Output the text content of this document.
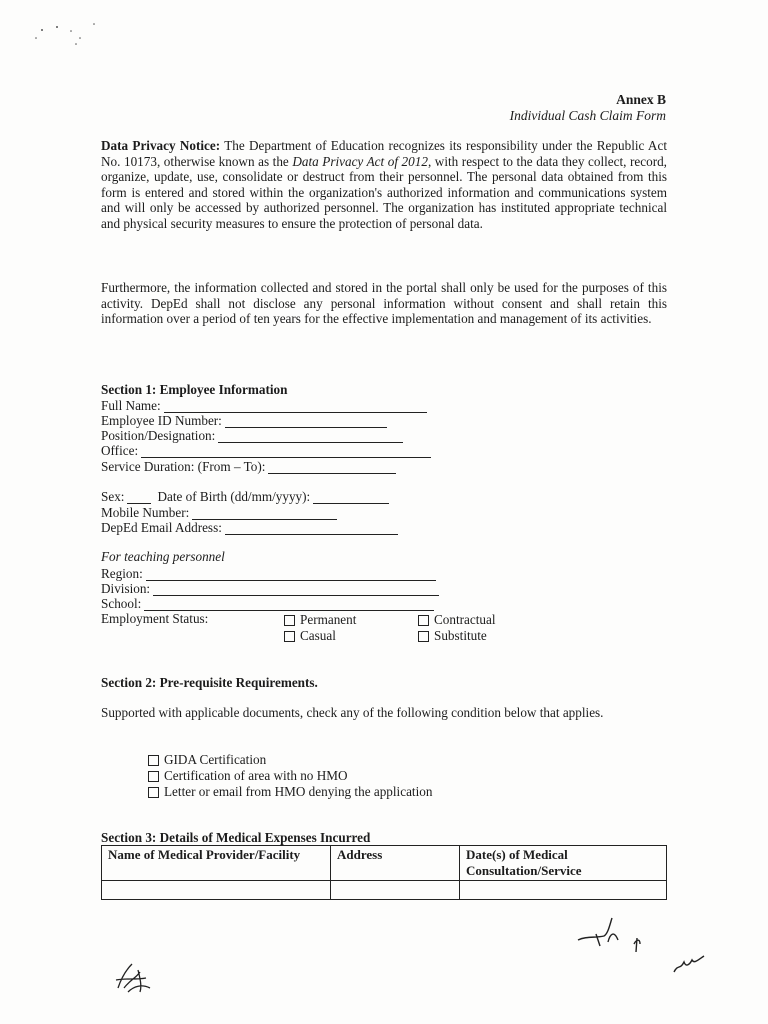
Annex B
Individual Cash Claim Form
Data Privacy Notice: The Department of Education recognizes its responsibility under the Republic Act No. 10173, otherwise known as the Data Privacy Act of 2012, with respect to the data they collect, record, organize, update, use, consolidate or destruct from their personnel. The personal data obtained from this form is entered and stored within the organization's authorized information and communications system and will only be accessed by authorized personnel. The organization has instituted appropriate technical and physical security measures to ensure the protection of personal data.
Furthermore, the information collected and stored in the portal shall only be used for the purposes of this activity. DepEd shall not disclose any personal information without consent and shall retain this information over a period of ten years for the effective implementation and management of its activities.
Section 1: Employee Information
Full Name:
Employee ID Number:
Position/Designation:
Office:
Service Duration: (From – To):
Sex:	Date of Birth (dd/mm/yyyy):
Mobile Number:
DepEd Email Address:
For teaching personnel
Region:
Division:
School:
Employment Status:	Permanent	Contractual
Casual	Substitute
Section 2: Pre-requisite Requirements.
Supported with applicable documents, check any of the following condition below that applies.
GIDA Certification
Certification of area with no HMO
Letter or email from HMO denying the application
Section 3: Details of Medical Expenses Incurred
Name of Medical Provider/Facility	Address	Date(s) of Medical Consultation/Service
